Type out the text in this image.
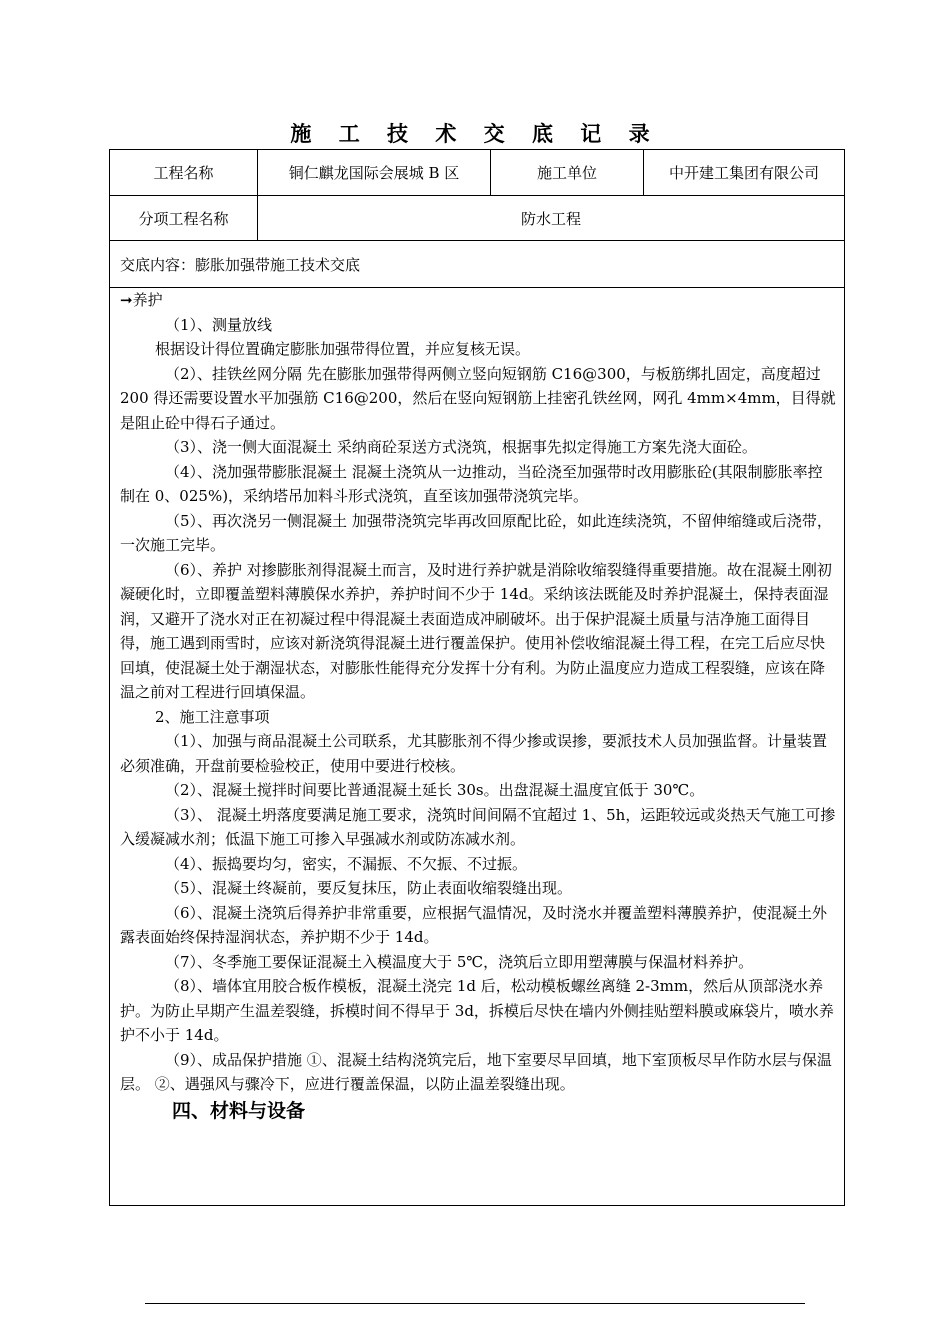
施 工 技 术 交 底 记 录
工程名称	铜仁麒龙国际会展城 B 区	施工单位	中开建工集团有限公司
分项工程名称	防水工程
交底内容：膨胀加强带施工技术交底

➞养护

（1）、测量放线

根据设计得位置确定膨胀加强带得位置，并应复核无误。

（2）、挂铁丝网分隔 先在膨胀加强带得两侧立竖向短钢筋 C16@300，与板筋绑扎固定，高度超过 200 得还需要设置水平加强筋 C16@200，然后在竖向短钢筋上挂密孔铁丝网，网孔 4mm×4mm，目得就是阻止砼中得石子通过。

（3）、浇一侧大面混凝土 采纳商砼泵送方式浇筑，根据事先拟定得施工方案先浇大面砼。

（4）、浇加强带膨胀混凝土 混凝土浇筑从一边推动，当砼浇至加强带时改用膨胀砼(其限制膨胀率控制在 0、025%)，采纳塔吊加料斗形式浇筑，直至该加强带浇筑完毕。

（5）、再次浇另一侧混凝土 加强带浇筑完毕再改回原配比砼，如此连续浇筑，不留伸缩缝或后浇带，一次施工完毕。

（6）、养护 对掺膨胀剂得混凝土而言，及时进行养护就是消除收缩裂缝得重要措施。故在混凝土刚初凝硬化时，立即覆盖塑料薄膜保水养护，养护时间不少于 14d。采纳该法既能及时养护混凝土，保持表面湿润，又避开了浇水对正在初凝过程中得混凝土表面造成冲刷破坏。出于保护混凝土质量与洁净施工面得目得，施工遇到雨雪时，应该对新浇筑得混凝土进行覆盖保护。使用补偿收缩混凝土得工程，在完工后应尽快回填，使混凝土处于潮湿状态，对膨胀性能得充分发挥十分有利。为防止温度应力造成工程裂缝，应该在降温之前对工程进行回填保温。

2、施工注意事项

（1）、加强与商品混凝土公司联系，尤其膨胀剂不得少掺或误掺，要派技术人员加强监督。计量装置必须准确，开盘前要检验校正，使用中要进行校核。

（2）、混凝土搅拌时间要比普通混凝土延长 30s。出盘混凝土温度宜低于 30℃。

（3）、 混凝土坍落度要满足施工要求，浇筑时间间隔不宜超过 1、5h，运距较远或炎热天气施工可掺入缓凝减水剂；低温下施工可掺入早强减水剂或防冻减水剂。

（4）、振捣要均匀，密实，不漏振、不欠振、不过振。

（5）、混凝土终凝前，要反复抹压，防止表面收缩裂缝出现。

（6）、混凝土浇筑后得养护非常重要，应根据气温情况，及时浇水并覆盖塑料薄膜养护，使混凝土外露表面始终保持湿润状态，养护期不少于 14d。

（7）、冬季施工要保证混凝土入模温度大于 5℃，浇筑后立即用塑薄膜与保温材料养护。

（8）、墙体宜用胶合板作模板，混凝土浇完 1d 后，松动模板螺丝离缝 2-3mm，然后从顶部浇水养护。为防止早期产生温差裂缝，拆模时间不得早于 3d，拆模后尽快在墙内外侧挂贴塑料膜或麻袋片，喷水养护不小于 14d。

（9）、成品保护措施 ①、混凝土结构浇筑完后，地下室要尽早回填，地下室顶板尽早作防水层与保温层。 ②、遇强风与骤冷下，应进行覆盖保温，以防止温差裂缝出现。

四、材料与设备
